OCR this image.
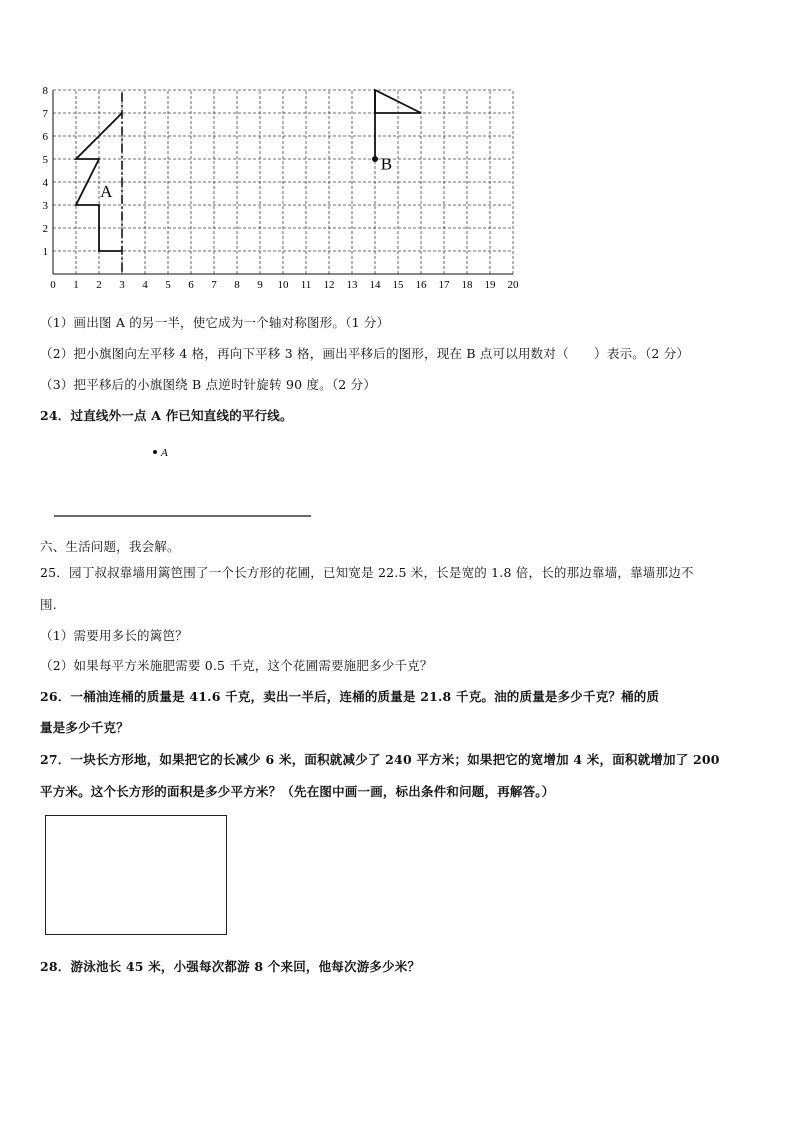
0 1 2 3 4 5 6 7 8 9 10 11 12 13 14 15 16 17 18 19 20
1
2
3
4
5
6
7
8
A
B
（1）画出图 A 的另一半，使它成为一个轴对称图形。（1 分）
（2）把小旗图向左平移 4 格，再向下平移 3 格，画出平移后的图形，现在 B 点可以用数对（　　）表示。（2 分）
（3）把平移后的小旗图绕 B 点逆时针旋转 90 度。（2 分）
24．过直线外一点 A 作已知直线的平行线。
A
六、生活问题，我会解。
25．园丁叔叔靠墙用篱笆围了一个长方形的花圃，已知宽是 22.5 米，长是宽的 1.8 倍，长的那边靠墙，靠墙那边不
围.
（1）需要用多长的篱笆？
（2）如果每平方米施肥需要 0.5 千克，这个花圃需要施肥多少千克？
26．一桶油连桶的质量是 41.6 千克，卖出一半后，连桶的质量是 21.8 千克。油的质量是多少千克？桶的质
量是多少千克？
27．一块长方形地，如果把它的长减少 6 米，面积就减少了 240 平方米；如果把它的宽增加 4 米，面积就增加了 200
平方米。这个长方形的面积是多少平方米？（先在图中画一画，标出条件和问题，再解答。）
28．游泳池长 45 米，小强每次都游 8 个来回，他每次游多少米？
